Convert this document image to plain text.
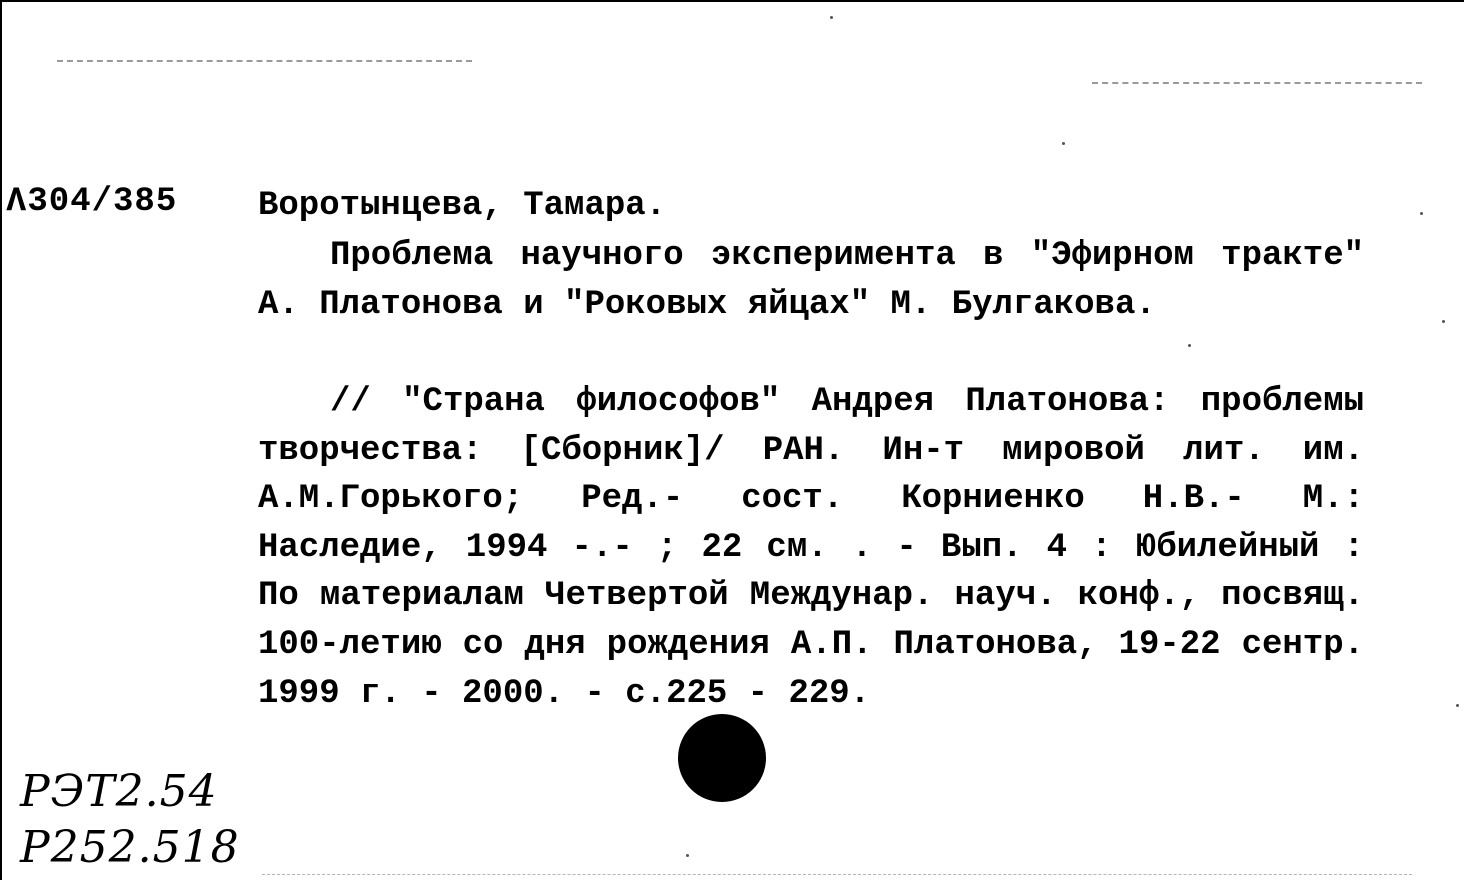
Λ304/385 Воротынцева, Тамара.

Проблема научного эксперимента в "Эфирном тракте" А. Платонова и "Роковых яйцах" М. Булгакова.

// "Страна философов" Андрея Платонова: проблемы творчества: [Сборник]/ РАН. Ин-т мировой лит. им. А.М.Горького; Ред.- сост. Корниенко Н.В.- М.: Наследие, 1994 -.- ; 22 см. . - Вып. 4 : Юбилейный : По материалам Четвертой Междунар. науч. конф., посвящ. 100-летию со дня рождения А.П. Платонова, 19-22 сентр. 1999 г. - 2000. - с.225 - 229.

РЭТ2.54
Р252.518
